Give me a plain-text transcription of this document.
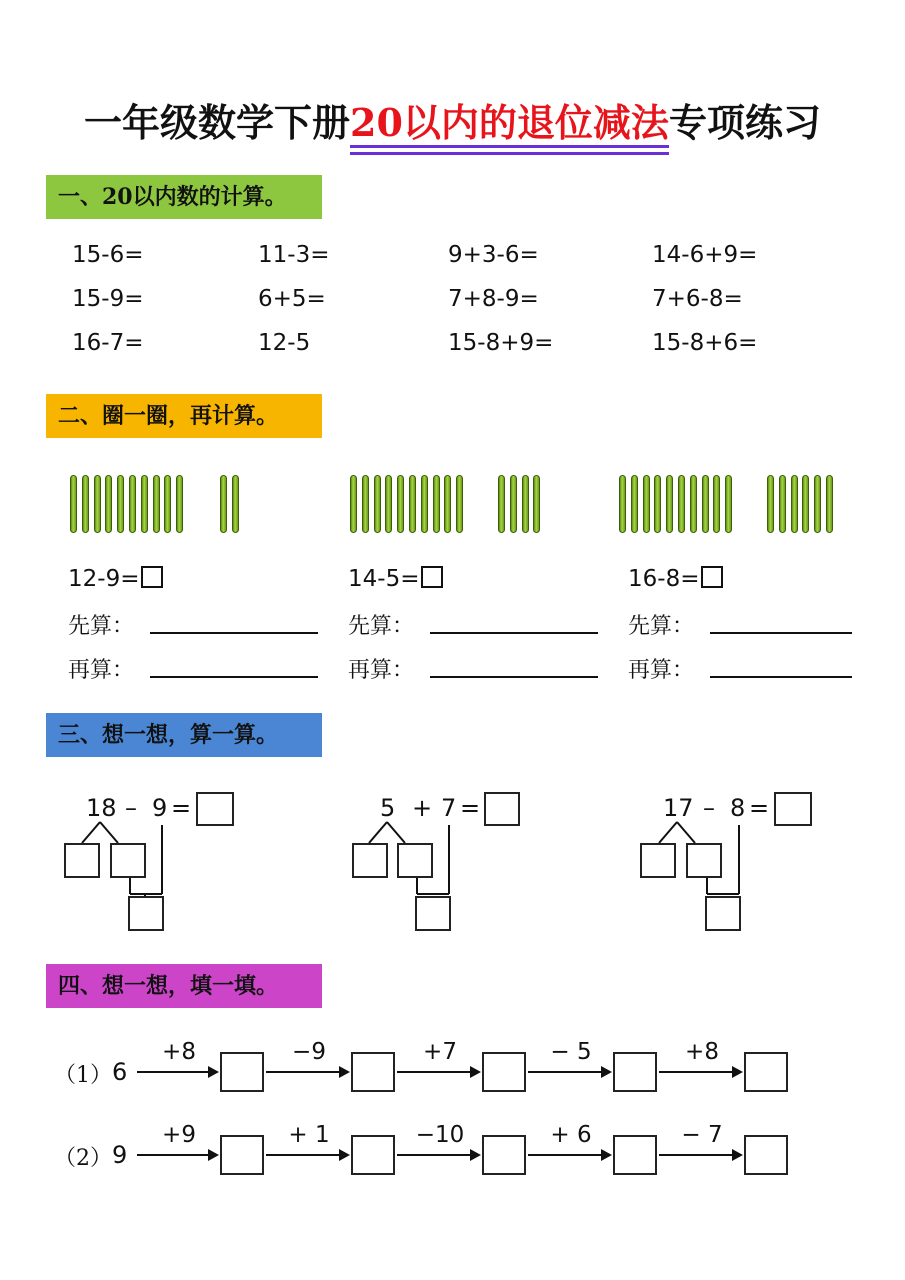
一年级数学下册20以内的退位减法专项练习
一、20以内数的计算。
15-6=	11-3=	9+3-6=	14-6+9=
15-9=	6+5=	7+8-9=	7+6-8=
16-7=	12-5	15-8+9=	15-8+6=
二、圈一圈，再计算。
12-9=	14-5=	16-8=
先算：	先算：	先算：
再算：	再算：	再算：
三、想一想，算一算。
18 – 9 =	5 + 7 =	17 – 8 =
四、想一想，填一填。
（1） 6
+8	−9	+7	− 5	+8
（2） 9
+9	+ 1	−10	+ 6	− 7
